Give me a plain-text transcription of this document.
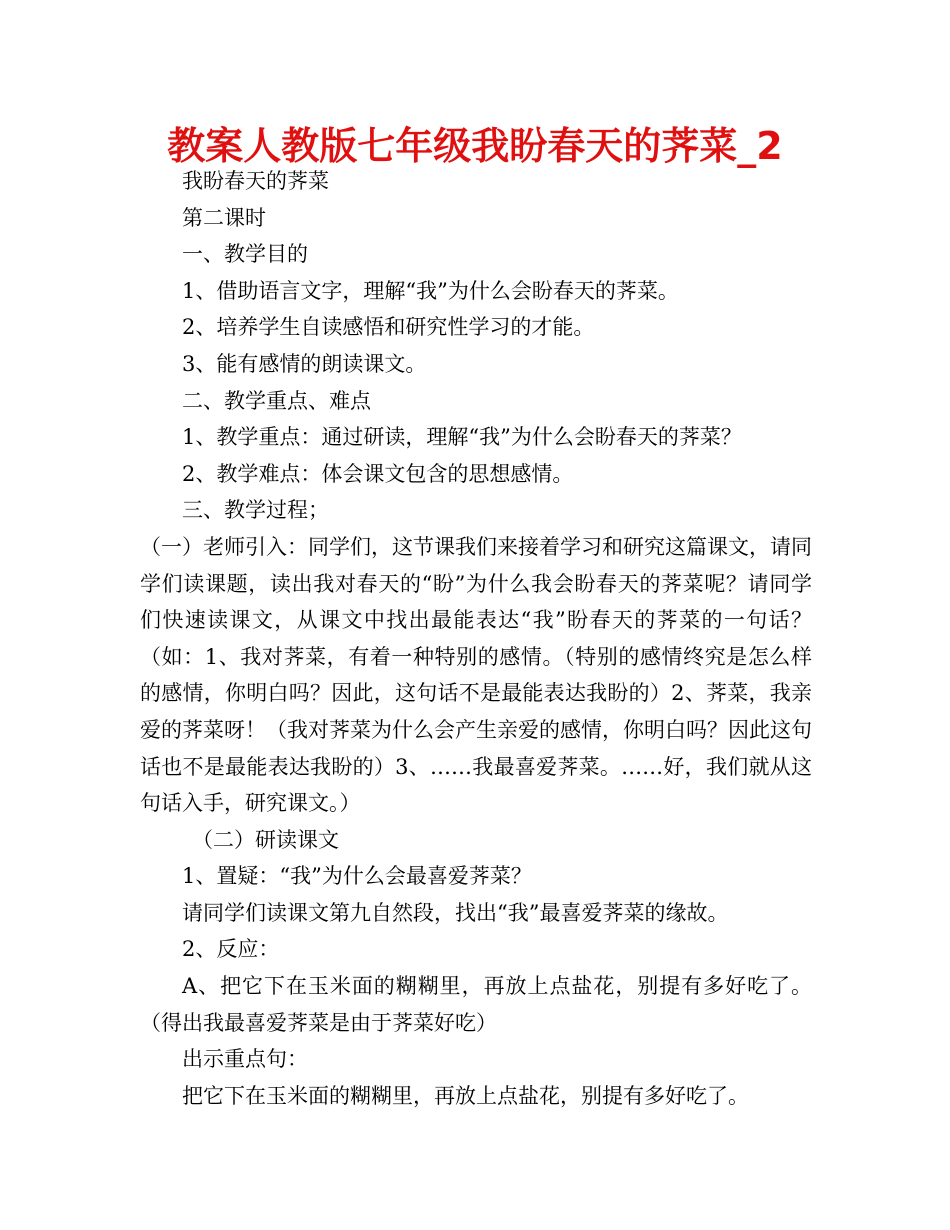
教案人教版七年级我盼春天的荠菜_2

我盼春天的荠菜

第二课时

一、教学目的

1、借助语言文字，理解“我”为什么会盼春天的荠菜。

2、培养学生自读感悟和研究性学习的才能。

3、能有感情的朗读课文。

二、教学重点、难点

1、教学重点：通过研读，理解“我”为什么会盼春天的荠菜？

2、教学难点：体会课文包含的思想感情。

三、教学过程；

（一）老师引入：同学们，这节课我们来接着学习和研究这篇课文，请同学们读课题，读出我对春天的“盼”为什么我会盼春天的荠菜呢？请同学们快速读课文，从课文中找出最能表达“我”盼春天的荠菜的一句话？（如：1、我对荠菜，有着一种特别的感情。（特别的感情终究是怎么样的感情，你明白吗？因此，这句话不是最能表达我盼的）2、荠菜，我亲爱的荠菜呀！（我对荠菜为什么会产生亲爱的感情，你明白吗？因此这句话也不是最能表达我盼的）3、……我最喜爱荠菜。……好，我们就从这句话入手，研究课文。）

（二）研读课文

1、置疑：“我”为什么会最喜爱荠菜？

请同学们读课文第九自然段，找出“我”最喜爱荠菜的缘故。

2、反应：

A、把它下在玉米面的糊糊里，再放上点盐花，别提有多好吃了。（得出我最喜爱荠菜是由于荠菜好吃）

出示重点句：

把它下在玉米面的糊糊里，再放上点盐花，别提有多好吃了。
